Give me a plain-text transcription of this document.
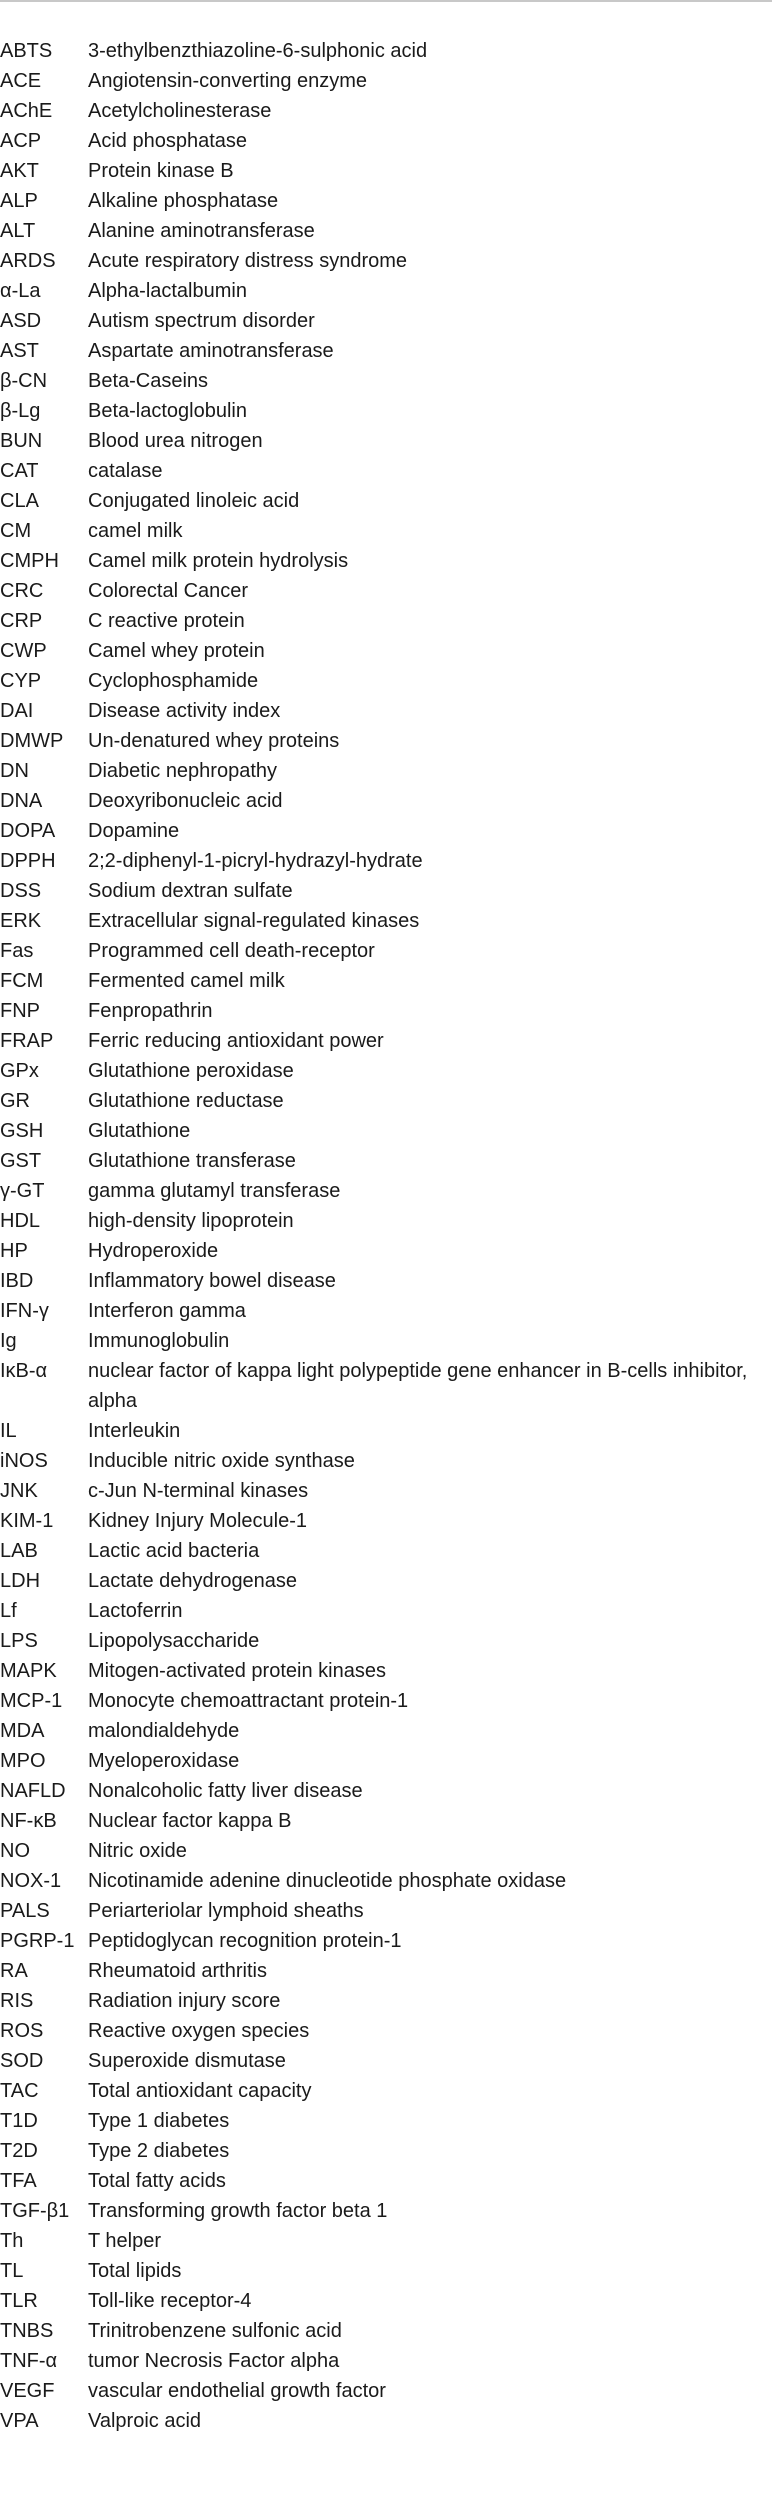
ABTS	3-ethylbenzthiazoline-6-sulphonic acid
ACE	Angiotensin-converting enzyme
AChE	Acetylcholinesterase
ACP	Acid phosphatase
AKT	Protein kinase B
ALP	Alkaline phosphatase
ALT	Alanine aminotransferase
ARDS	Acute respiratory distress syndrome
α-La	Alpha-lactalbumin
ASD	Autism spectrum disorder
AST	Aspartate aminotransferase
β-CN	Beta-Caseins
β-Lg	Beta-lactoglobulin
BUN	Blood urea nitrogen
CAT	catalase
CLA	Conjugated linoleic acid
CM	camel milk
CMPH	Camel milk protein hydrolysis
CRC	Colorectal Cancer
CRP	C reactive protein
CWP	Camel whey protein
CYP	Cyclophosphamide
DAI	Disease activity index
DMWP	Un-denatured whey proteins
DN	Diabetic nephropathy
DNA	Deoxyribonucleic acid
DOPA	Dopamine
DPPH	2;2-diphenyl-1-picryl-hydrazyl-hydrate
DSS	Sodium dextran sulfate
ERK	Extracellular signal-regulated kinases
Fas	Programmed cell death-receptor
FCM	Fermented camel milk
FNP	Fenpropathrin
FRAP	Ferric reducing antioxidant power
GPx	Glutathione peroxidase
GR	Glutathione reductase
GSH	Glutathione
GST	Glutathione transferase
γ-GT	gamma glutamyl transferase
HDL	high-density lipoprotein
HP	Hydroperoxide
IBD	Inflammatory bowel disease
IFN-γ	Interferon gamma
Ig	Immunoglobulin
IκB-α	nuclear factor of kappa light polypeptide gene enhancer in B-cells inhibitor, alpha
IL	Interleukin
iNOS	Inducible nitric oxide synthase
JNK	c-Jun N-terminal kinases
KIM-1	Kidney Injury Molecule-1
LAB	Lactic acid bacteria
LDH	Lactate dehydrogenase
Lf	Lactoferrin
LPS	Lipopolysaccharide
MAPK	Mitogen-activated protein kinases
MCP-1	Monocyte chemoattractant protein-1
MDA	malondialdehyde
MPO	Myeloperoxidase
NAFLD	Nonalcoholic fatty liver disease
NF-κB	Nuclear factor kappa B
NO	Nitric oxide
NOX-1	Nicotinamide adenine dinucleotide phosphate oxidase
PALS	Periarteriolar lymphoid sheaths
PGRP-1	Peptidoglycan recognition protein-1
RA	Rheumatoid arthritis
RIS	Radiation injury score
ROS	Reactive oxygen species
SOD	Superoxide dismutase
TAC	Total antioxidant capacity
T1D	Type 1 diabetes
T2D	Type 2 diabetes
TFA	Total fatty acids
TGF-β1	Transforming growth factor beta 1
Th	T helper
TL	Total lipids
TLR	Toll-like receptor-4
TNBS	Trinitrobenzene sulfonic acid
TNF-α	tumor Necrosis Factor alpha
VEGF	vascular endothelial growth factor
VPA	Valproic acid
